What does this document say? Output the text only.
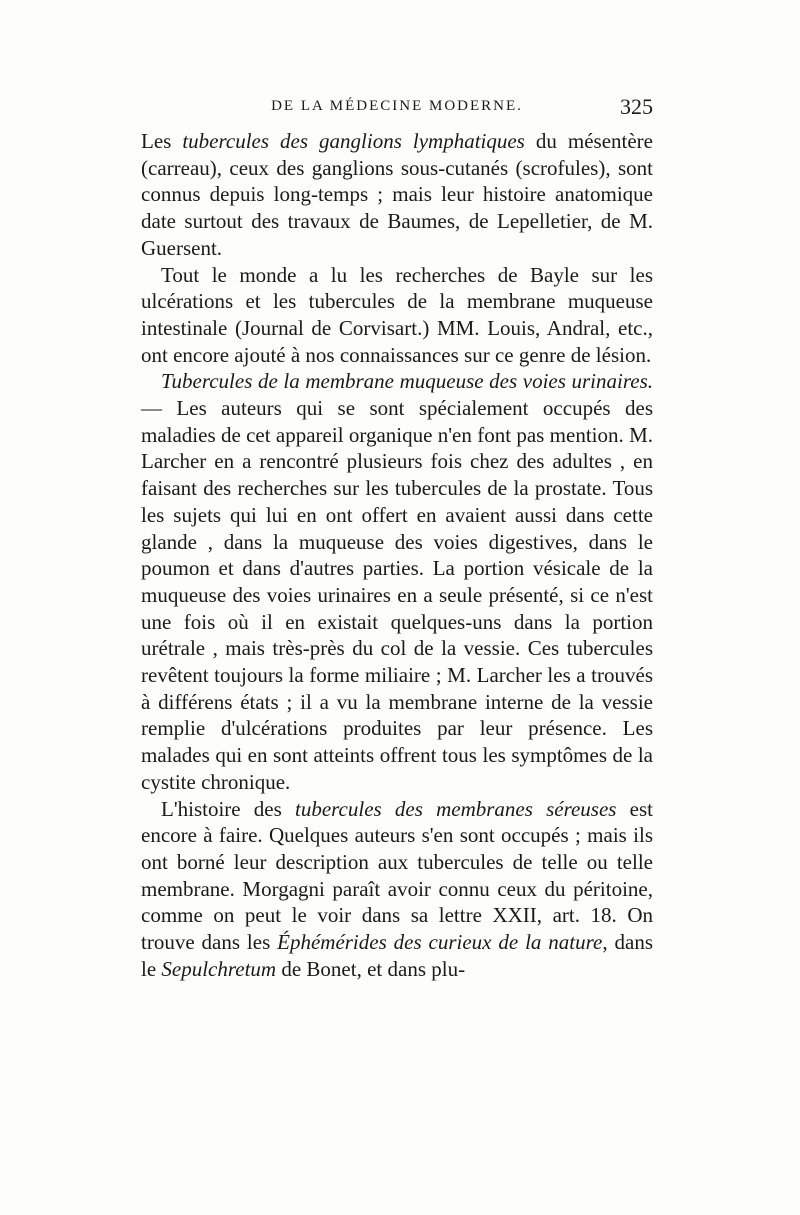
DE LA MÉDECINE MODERNE.	325

Les tubercules des ganglions lymphatiques du mésentère (carreau), ceux des ganglions sous-cutanés (scrofules), sont connus depuis long-temps ; mais leur histoire anatomique date surtout des travaux de Baumes, de Lepelletier, de M. Guersent.

Tout le monde a lu les recherches de Bayle sur les ulcérations et les tubercules de la membrane muqueuse intestinale (Journal de Corvisart.) MM. Louis, Andral, etc., ont encore ajouté à nos connaissances sur ce genre de lésion.

Tubercules de la membrane muqueuse des voies urinaires. — Les auteurs qui se sont spécialement occupés des maladies de cet appareil organique n'en font pas mention. M. Larcher en a rencontré plusieurs fois chez des adultes , en faisant des recherches sur les tubercules de la prostate. Tous les sujets qui lui en ont offert en avaient aussi dans cette glande , dans la muqueuse des voies digestives, dans le poumon et dans d'autres parties. La portion vésicale de la muqueuse des voies urinaires en a seule présenté, si ce n'est une fois où il en existait quelques-uns dans la portion urétrale , mais très-près du col de la vessie. Ces tubercules revêtent toujours la forme miliaire ; M. Larcher les a trouvés à différens états ; il a vu la membrane interne de la vessie remplie d'ulcérations produites par leur présence. Les malades qui en sont atteints offrent tous les symptômes de la cystite chronique.

L'histoire des tubercules des membranes séreuses est encore à faire. Quelques auteurs s'en sont occupés ; mais ils ont borné leur description aux tubercules de telle ou telle membrane. Morgagni paraît avoir connu ceux du péritoine, comme on peut le voir dans sa lettre XXII, art. 18. On trouve dans les Éphémérides des curieux de la nature, dans le Sepulchretum de Bonet, et dans plu-
